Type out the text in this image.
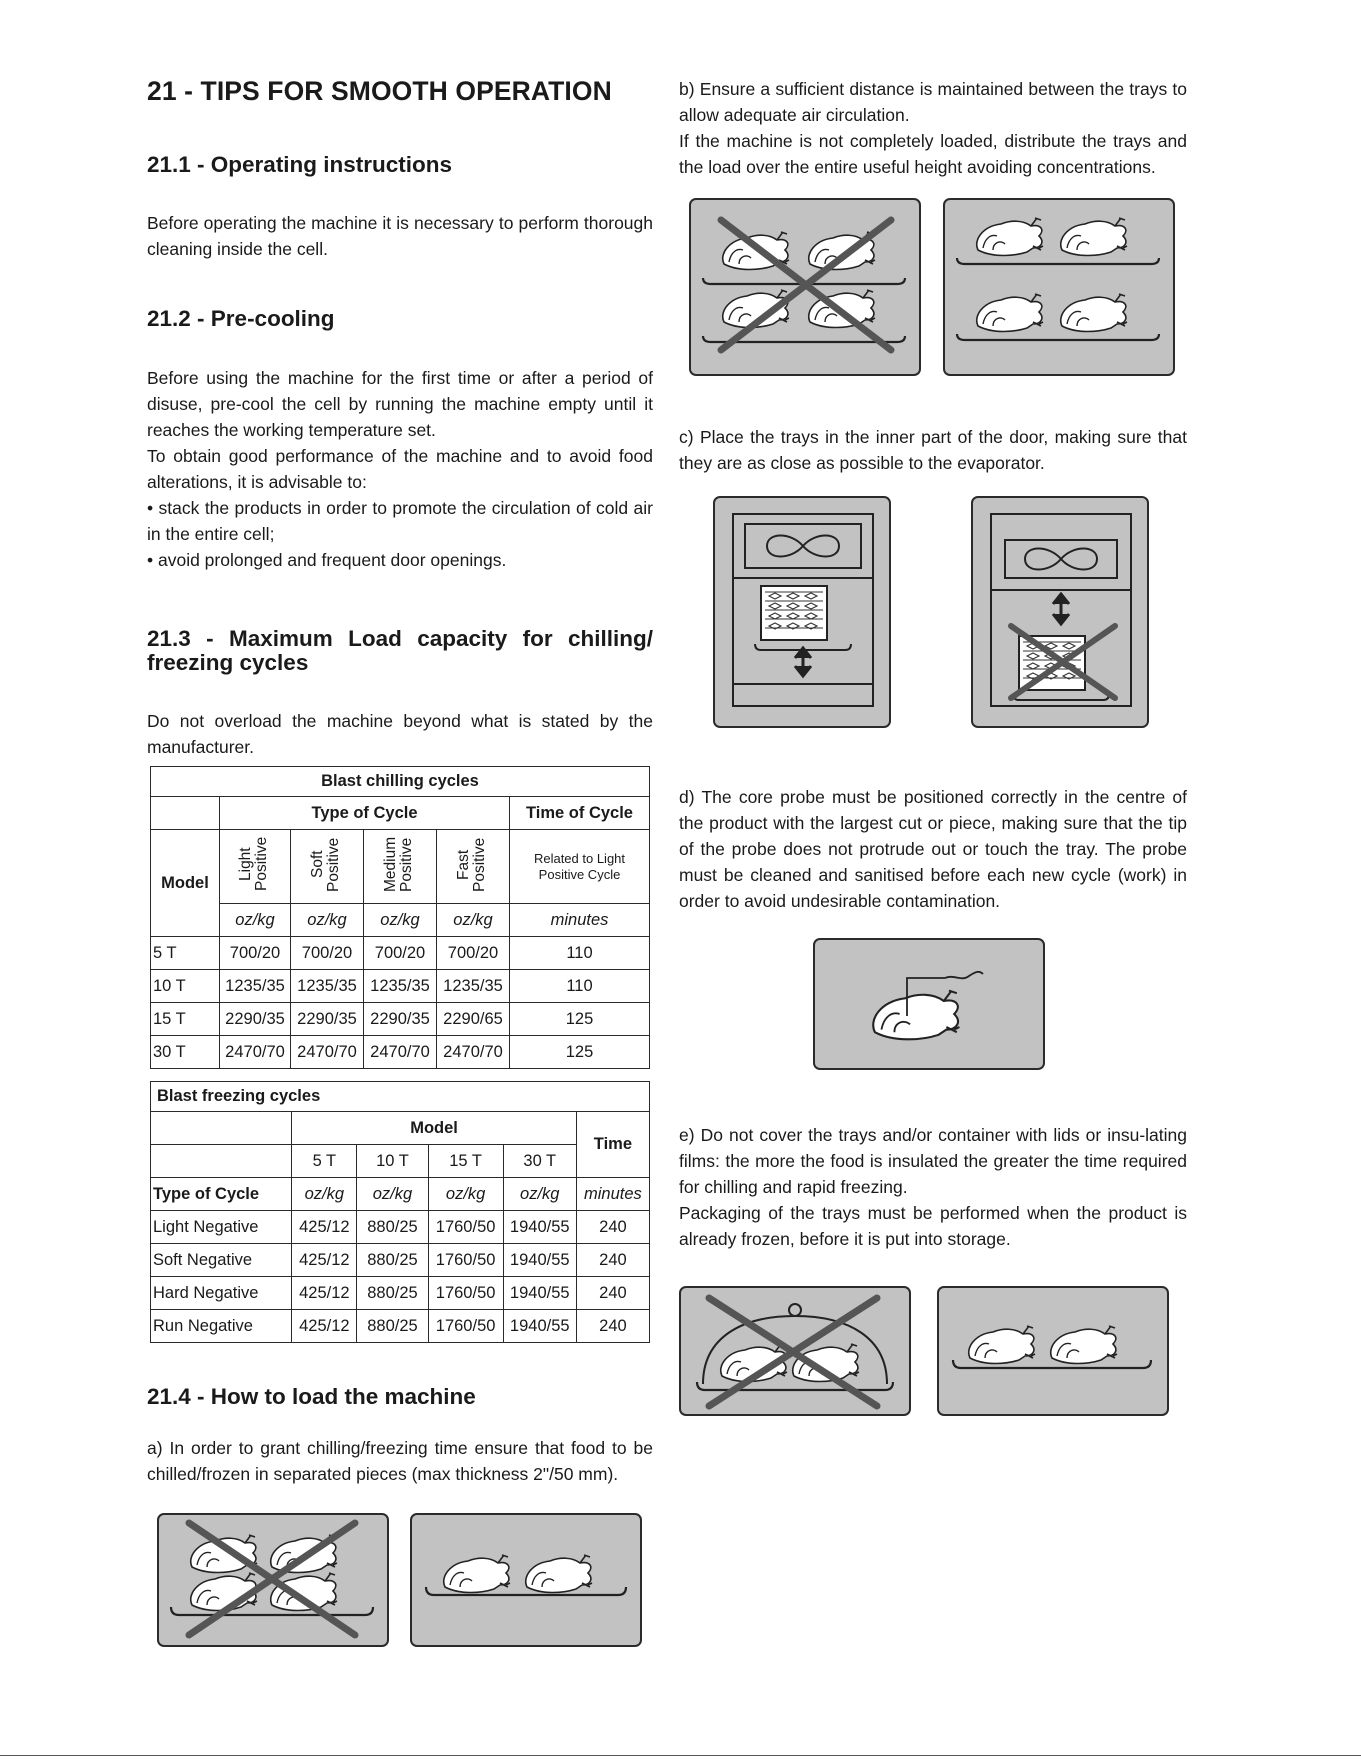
21 - TIPS FOR SMOOTH OPERATION
21.1 - Operating instructions

Before operating the machine it is necessary to perform thorough cleaning inside the cell.

21.2 - Pre-cooling

Before using the machine for the first time or after a period of disuse, pre-cool the cell by running the machine empty until it reaches the working temperature set.

To obtain good performance of the machine and to avoid food alterations, it is advisable to:

• stack the products in order to promote the circulation of cold air in the entire cell;

• avoid prolonged and frequent door openings.

21.3 - Maximum Load capacity for chilling/ freezing cycles

Do not overload the machine beyond what is stated by the manufacturer.

Blast chilling cycles					
	Type of Cycle				Time of Cycle
Model	Light Positive	Soft Positive	Medium Positive	Fast Positive	Related to Light Positive Cycle
	oz/kg	oz/kg	oz/kg	oz/kg	minutes
5 T	700/20	700/20	700/20	700/20	110
10 T	1235/35	1235/35	1235/35	1235/35	110
15 T	2290/35	2290/35	2290/35	2290/65	125
30 T	2470/70	2470/70	2470/70	2470/70	125
Blast freezing cycles					
	Model				Time
	5 T	10 T	15 T	30 T	
Type of Cycle	oz/kg	oz/kg	oz/kg	oz/kg	minutes
Light Negative	425/12	880/25	1760/50	1940/55	240
Soft Negative	425/12	880/25	1760/50	1940/55	240
Hard Negative	425/12	880/25	1760/50	1940/55	240
Run Negative	425/12	880/25	1760/50	1940/55	240
21.4 - How to load the machine

a) In order to grant chilling/freezing time ensure that food to be chilled/frozen in separated pieces (max thickness 2"/50 mm).

b) Ensure a sufficient distance is maintained between the trays to allow adequate air circulation.

If the machine is not completely loaded, distribute the trays and the load over the entire useful height avoiding concentrations.

c) Place the trays in the inner part of the door, making sure that they are as close as possible to the evaporator.

d) The core probe must be positioned correctly in the centre of the product with the largest cut or piece, making sure that the tip of the probe does not protrude out or touch the tray. The probe must be cleaned and sanitised before each new cycle (work) in order to avoid undesirable contamination.

e) Do not cover the trays and/or container with lids or insu-lating films: the more the food is insulated the greater the time required for chilling and rapid freezing.

Packaging of the trays must be performed when the product is already frozen, before it is put into storage.
